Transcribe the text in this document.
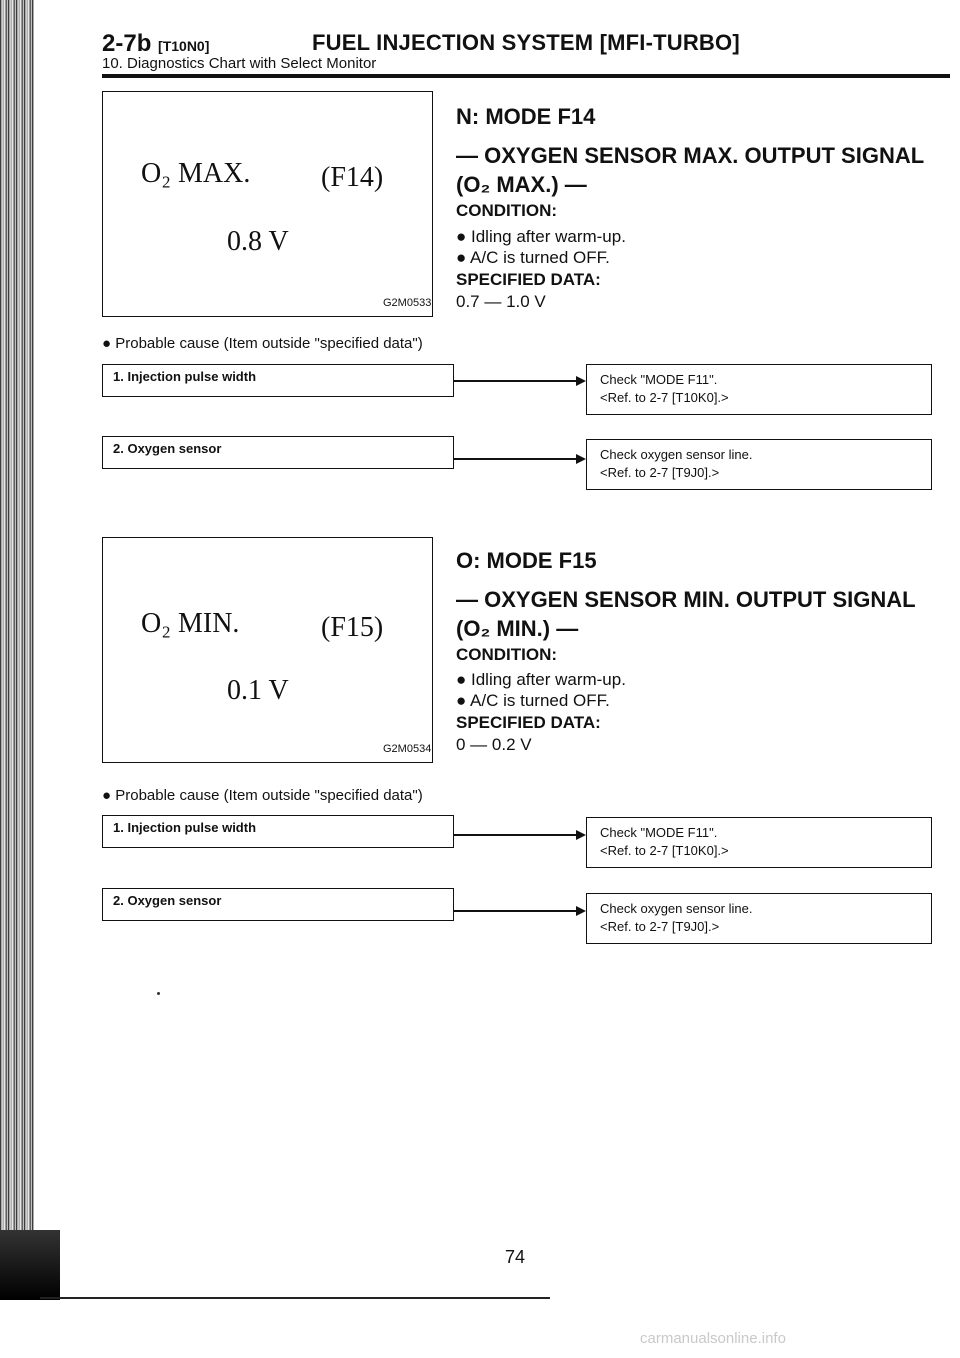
2-7b [T10N0]	FUEL INJECTION SYSTEM [MFI-TURBO]
10. Diagnostics Chart with Select Monitor
O₂ MAX.	(F14)
0.8 V
G2M0533
N: MODE F14
— OXYGEN SENSOR MAX. OUTPUT SIGNAL
(O₂ MAX.) —
CONDITION:
● Idling after warm-up.
● A/C is turned OFF.
SPECIFIED DATA:
0.7 — 1.0 V
● Probable cause (Item outside "specified data")
1. Injection pulse width	Check "MODE F11".
<Ref. to 2-7 [T10K0].>
2. Oxygen sensor	Check oxygen sensor line.
<Ref. to 2-7 [T9J0].>
O₂ MIN.	(F15)
0.1 V
G2M0534
O: MODE F15
— OXYGEN SENSOR MIN. OUTPUT SIGNAL
(O₂ MIN.) —
CONDITION:
● Idling after warm-up.
● A/C is turned OFF.
SPECIFIED DATA:
0 — 0.2 V
● Probable cause (Item outside "specified data")
1. Injection pulse width	Check "MODE F11".
<Ref. to 2-7 [T10K0].>
2. Oxygen sensor
Check oxygen sensor line.
<Ref. to 2-7 [T9J0].>
74
carmanualsonline.info
